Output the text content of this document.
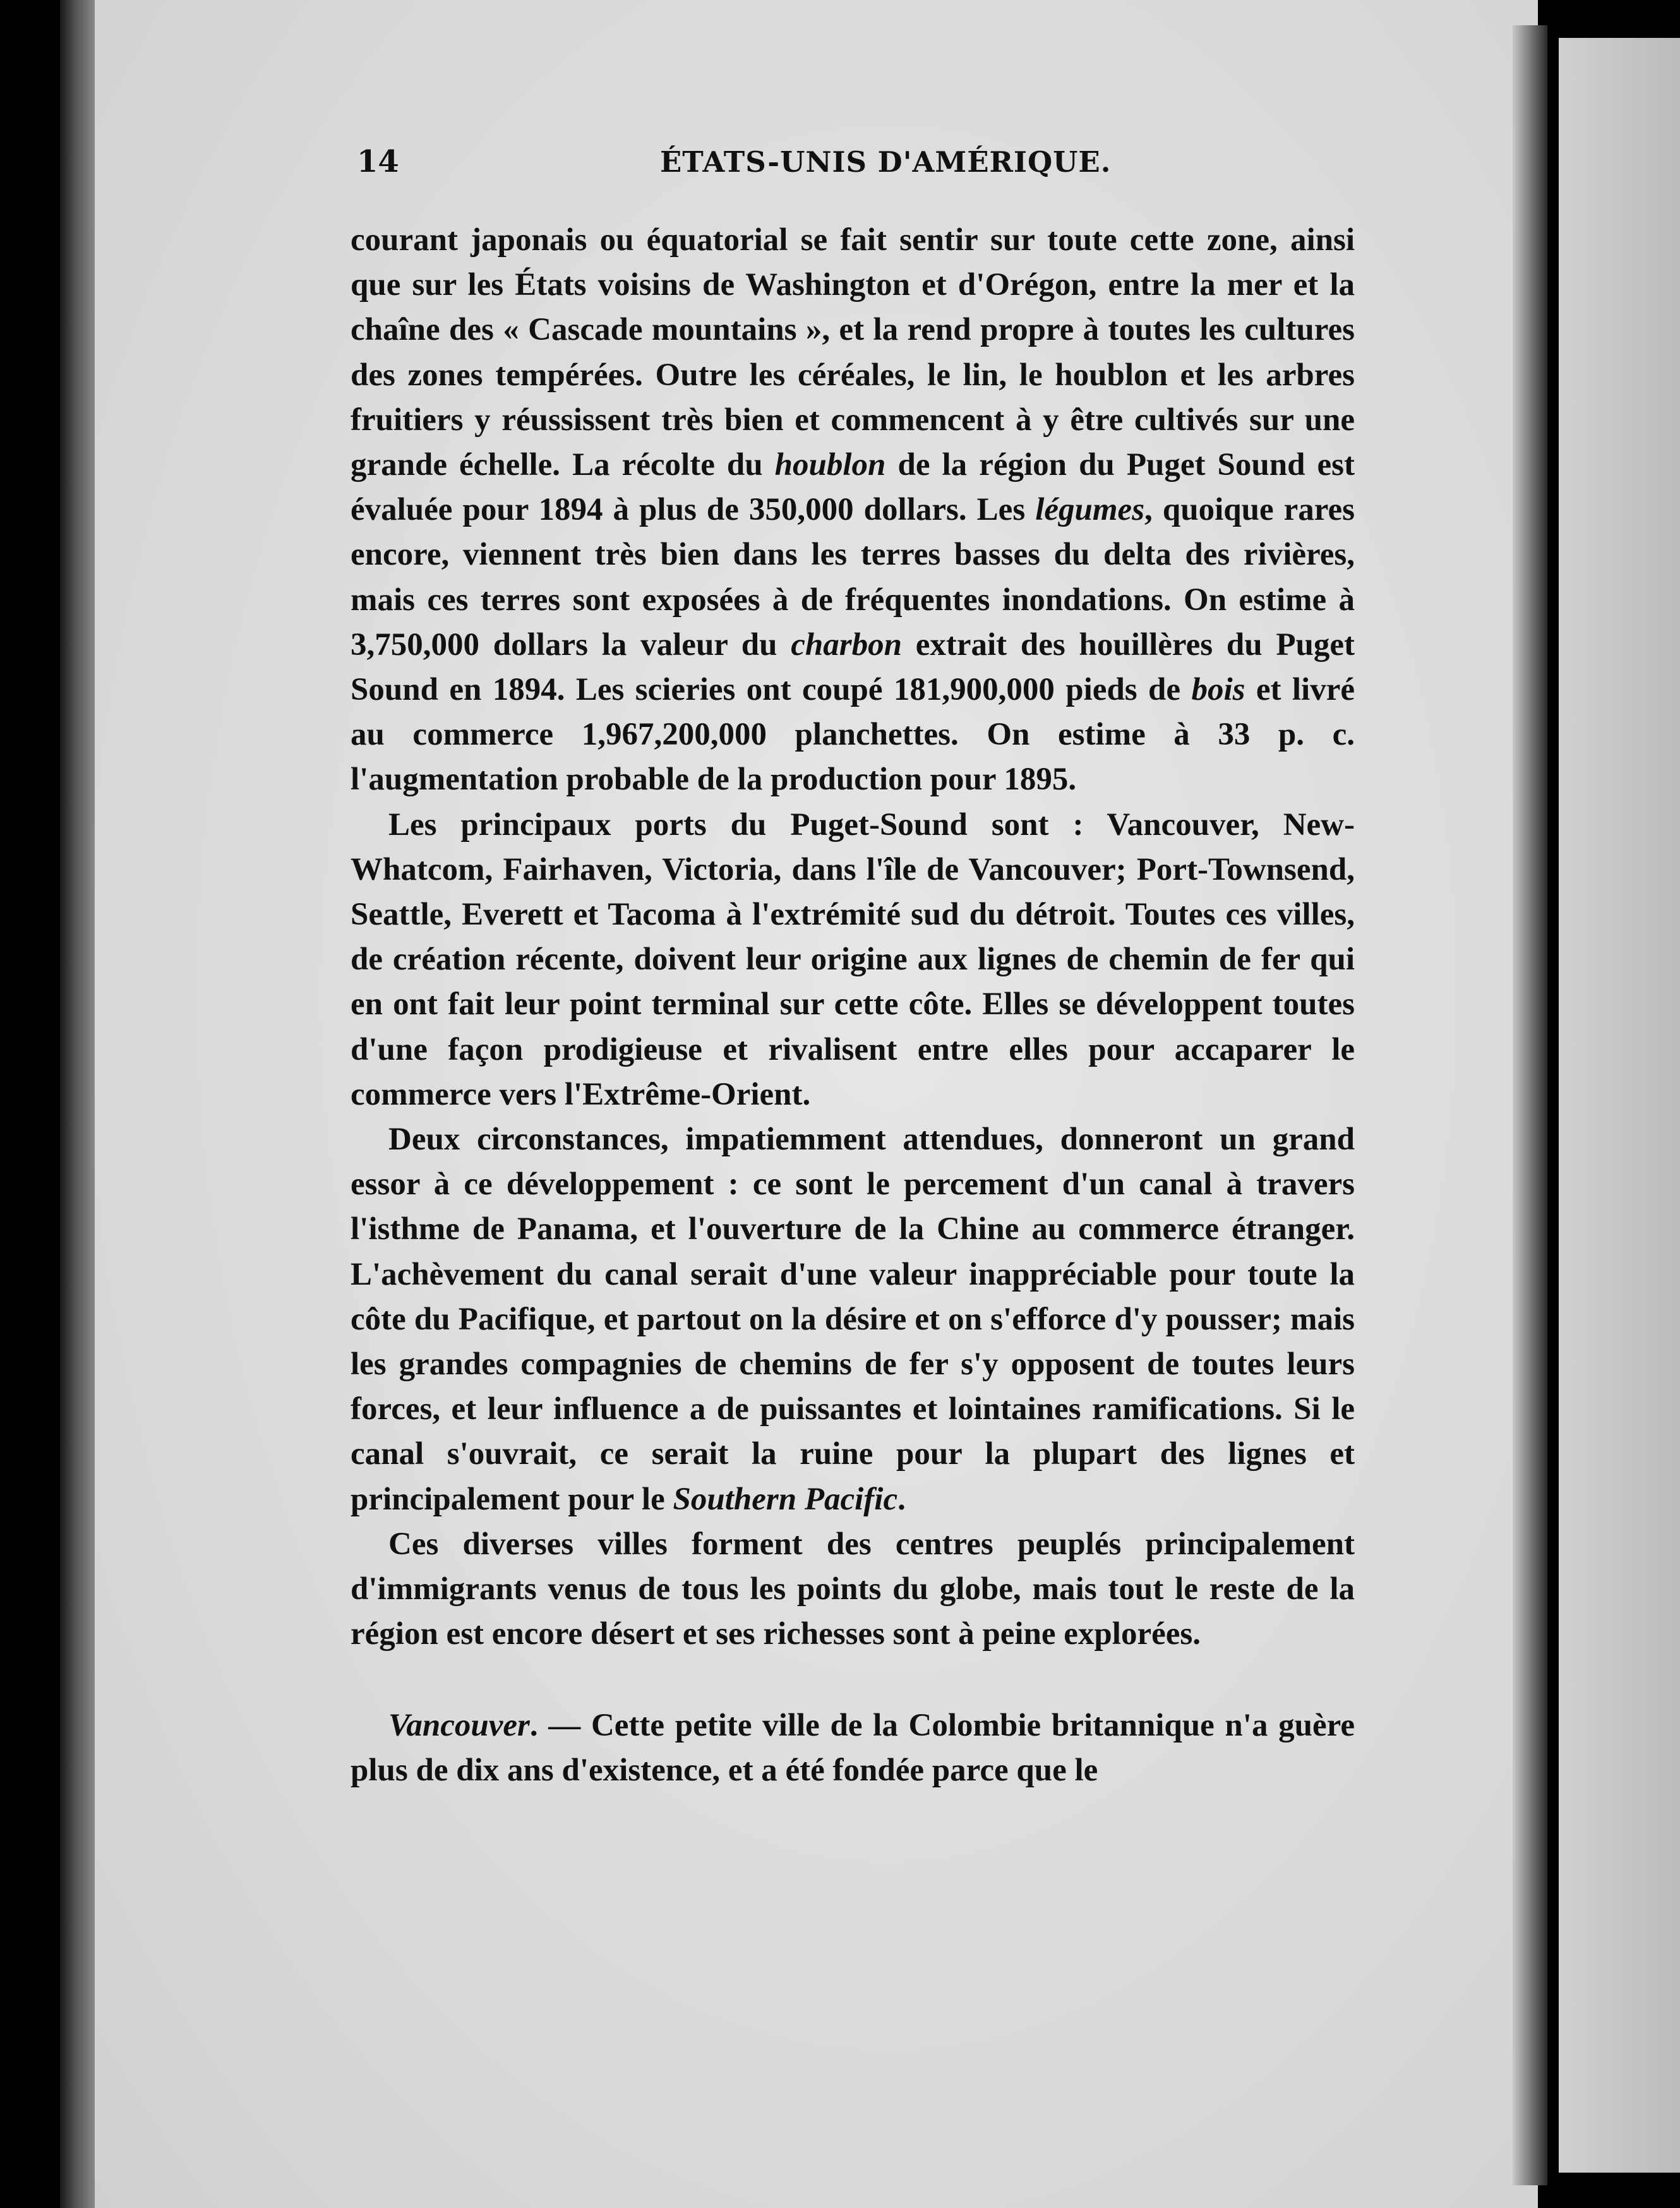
14	ÉTATS-UNIS D'AMÉRIQUE.

courant japonais ou équatorial se fait sentir sur toute cette zone, ainsi que sur les États voisins de Washington et d'Orégon, entre la mer et la chaîne des « Cascade mountains », et la rend propre à toutes les cultures des zones tempérées. Outre les céréales, le lin, le houblon et les arbres fruitiers y réussissent très bien et commencent à y être cultivés sur une grande échelle. La récolte du houblon de la région du Puget Sound est évaluée pour 1894 à plus de 350,000 dollars. Les légumes, quoique rares encore, viennent très bien dans les terres basses du delta des rivières, mais ces terres sont exposées à de fréquentes inondations. On estime à 3,750,000 dollars la valeur du charbon extrait des houillères du Puget Sound en 1894. Les scieries ont coupé 181,900,000 pieds de bois et livré au commerce 1,967,200,000 planchettes. On estime à 33 p. c. l'augmentation probable de la production pour 1895.

Les principaux ports du Puget-Sound sont : Vancouver, New-Whatcom, Fairhaven, Victoria, dans l'île de Vancouver; Port-Townsend, Seattle, Everett et Tacoma à l'extrémité sud du détroit. Toutes ces villes, de création récente, doivent leur origine aux lignes de chemin de fer qui en ont fait leur point terminal sur cette côte. Elles se développent toutes d'une façon prodigieuse et rivalisent entre elles pour accaparer le commerce vers l'Extrême-Orient.

Deux circonstances, impatiemment attendues, donneront un grand essor à ce développement : ce sont le percement d'un canal à travers l'isthme de Panama, et l'ouverture de la Chine au commerce étranger. L'achèvement du canal serait d'une valeur inappréciable pour toute la côte du Pacifique, et partout on la désire et on s'efforce d'y pousser; mais les grandes compagnies de chemins de fer s'y opposent de toutes leurs forces, et leur influence a de puissantes et lointaines ramifications. Si le canal s'ouvrait, ce serait la ruine pour la plupart des lignes et principalement pour le Southern Pacific.

Ces diverses villes forment des centres peuplés principalement d'immigrants venus de tous les points du globe, mais tout le reste de la région est encore désert et ses richesses sont à peine explorées.

Vancouver. — Cette petite ville de la Colombie britannique n'a guère plus de dix ans d'existence, et a été fondée parce que le
